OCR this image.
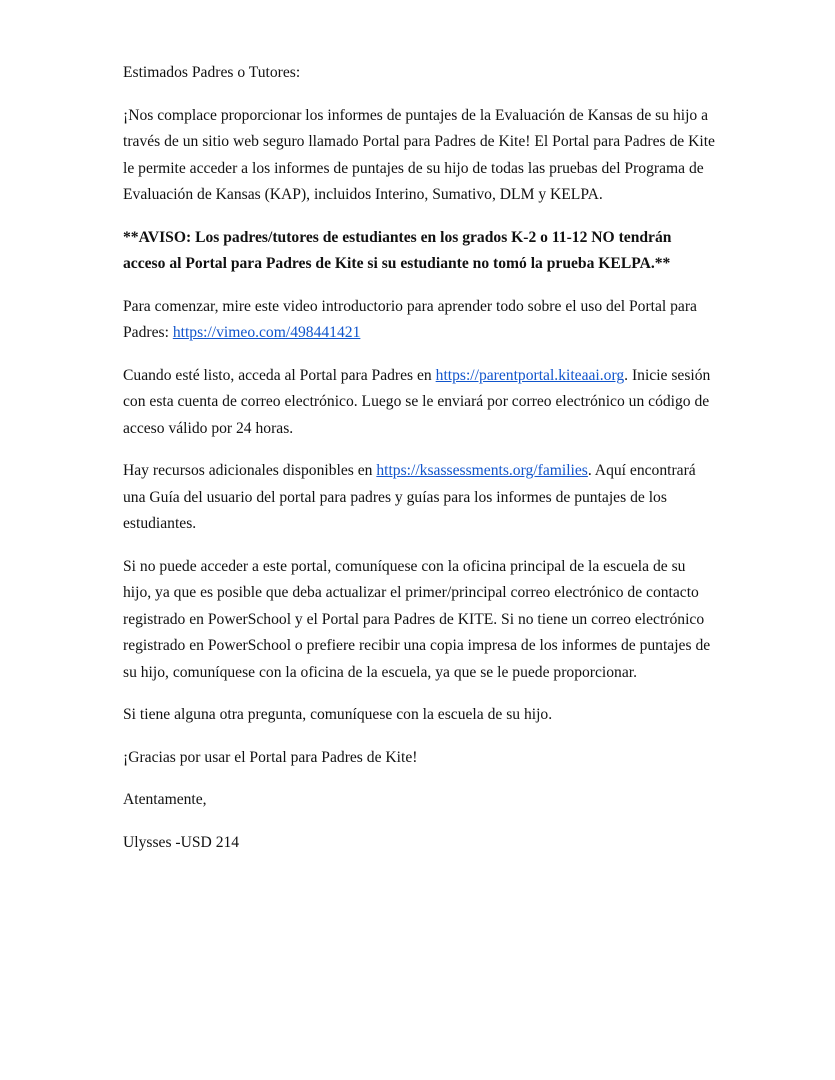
Estimados Padres o Tutores:

¡Nos complace proporcionar los informes de puntajes de la Evaluación de Kansas de su hijo a través de un sitio web seguro llamado Portal para Padres de Kite! El Portal para Padres de Kite le permite acceder a los informes de puntajes de su hijo de todas las pruebas del Programa de Evaluación de Kansas (KAP), incluidos Interino, Sumativo, DLM y KELPA.

**AVISO: Los padres/tutores de estudiantes en los grados K-2 o 11-12 NO tendrán acceso al Portal para Padres de Kite si su estudiante no tomó la prueba KELPA.**

Para comenzar, mire este video introductorio para aprender todo sobre el uso del Portal para Padres: https://vimeo.com/498441421

Cuando esté listo, acceda al Portal para Padres en https://parentportal.kiteaai.org. Inicie sesión con esta cuenta de correo electrónico. Luego se le enviará por correo electrónico un código de acceso válido por 24 horas.

Hay recursos adicionales disponibles en https://ksassessments.org/families. Aquí encontrará una Guía del usuario del portal para padres y guías para los informes de puntajes de los estudiantes.

Si no puede acceder a este portal, comuníquese con la oficina principal de la escuela de su hijo, ya que es posible que deba actualizar el primer/principal correo electrónico de contacto registrado en PowerSchool y el Portal para Padres de KITE. Si no tiene un correo electrónico registrado en PowerSchool o prefiere recibir una copia impresa de los informes de puntajes de su hijo, comuníquese con la oficina de la escuela, ya que se le puede proporcionar.

Si tiene alguna otra pregunta, comuníquese con la escuela de su hijo.

¡Gracias por usar el Portal para Padres de Kite!

Atentamente,

Ulysses -USD 214
